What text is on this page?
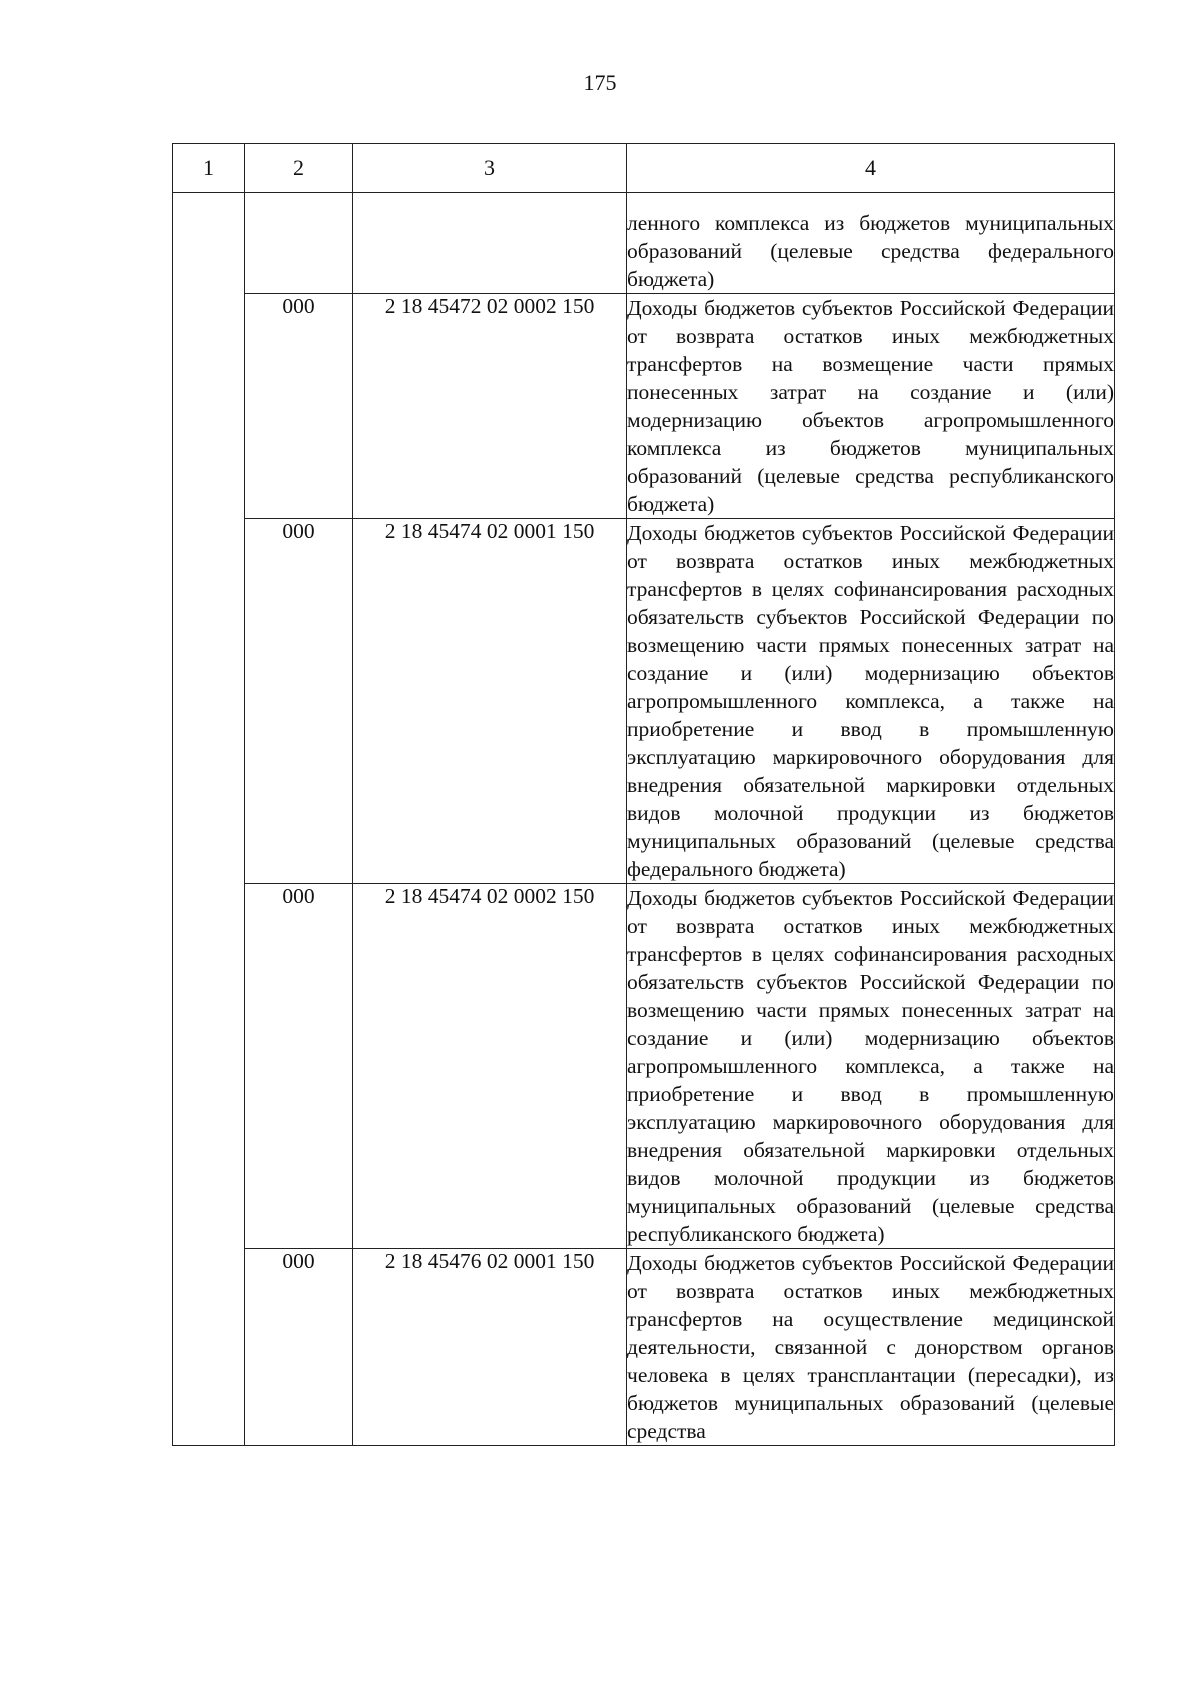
175
1	2	3	4
			ленного комплекса из бюджетов муниципальных образований (целевые средства федерального бюджета)
	000	2 18 45472 02 0002 150	Доходы бюджетов субъектов Российской Федерации от возврата остатков иных межбюджетных трансфертов на возмещение части прямых понесенных затрат на создание и (или) модернизацию объектов агропромышленного комплекса из бюджетов муниципальных образований (целевые средства республиканского бюджета)
	000	2 18 45474 02 0001 150	Доходы бюджетов субъектов Российской Федерации от возврата остатков иных межбюджетных трансфертов в целях софинансирования расходных обязательств субъектов Российской Федерации по возмещению части прямых понесенных затрат на создание и (или) модернизацию объектов агропромышленного комплекса, а также на приобретение и ввод в промышленную эксплуатацию маркировочного оборудования для внедрения обязательной маркировки отдельных видов молочной продукции из бюджетов муниципальных образований (целевые средства федерального бюджета)
	000	2 18 45474 02 0002 150	Доходы бюджетов субъектов Российской Федерации от возврата остатков иных межбюджетных трансфертов в целях софинансирования расходных обязательств субъектов Российской Федерации по возмещению части прямых понесенных затрат на создание и (или) модернизацию объектов агропромышленного комплекса, а также на приобретение и ввод в промышленную эксплуатацию маркировочного оборудования для внедрения обязательной маркировки отдельных видов молочной продукции из бюджетов муниципальных образований (целевые средства республиканского бюджета)
	000	2 18 45476 02 0001 150	Доходы бюджетов субъектов Российской Федерации от возврата остатков иных межбюджетных трансфертов на осуществление медицинской деятельности, связанной с донорством органов человека в целях трансплантации (пересадки), из бюджетов муниципальных образований (целевые средства
